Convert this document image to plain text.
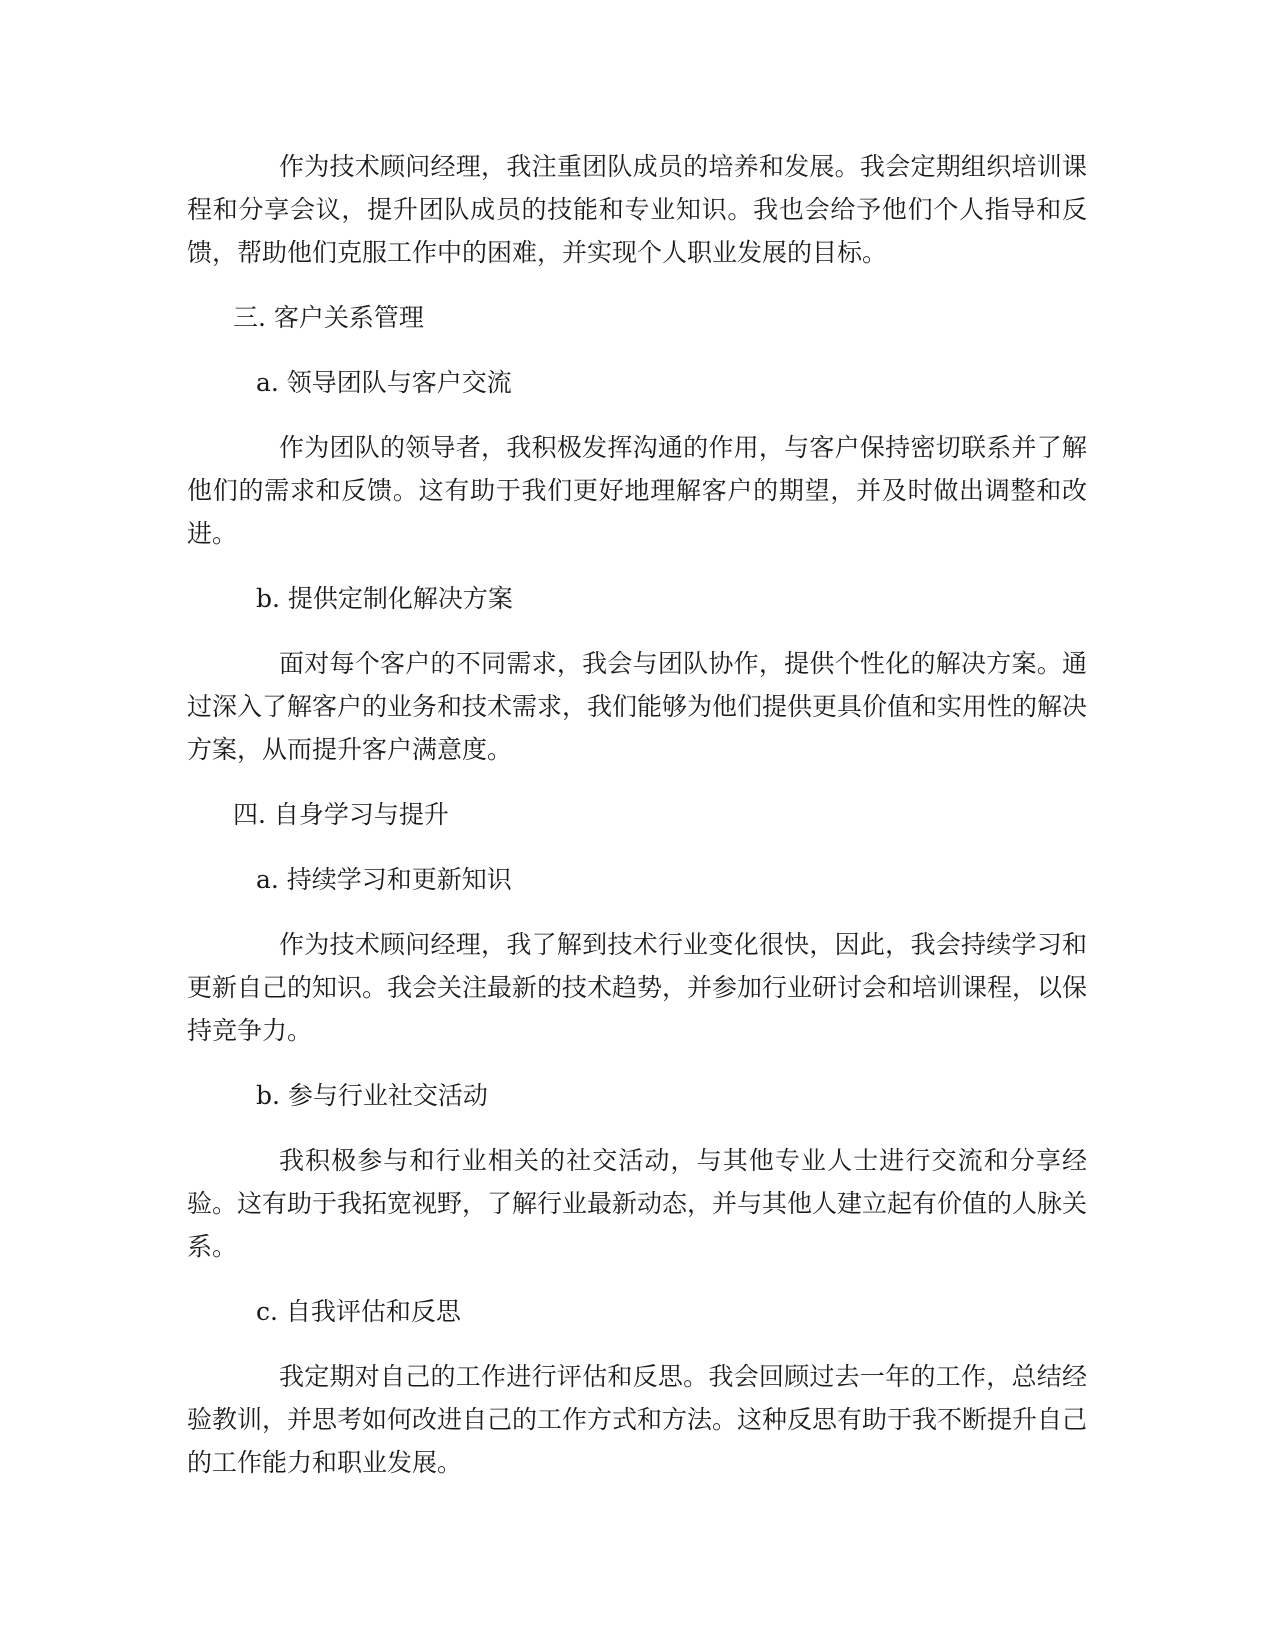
作为技术顾问经理，我注重团队成员的培养和发展。我会定期组织培训课程和分享会议，提升团队成员的技能和专业知识。我也会给予他们个人指导和反馈，帮助他们克服工作中的困难，并实现个人职业发展的目标。

三. 客户关系管理

a. 领导团队与客户交流

作为团队的领导者，我积极发挥沟通的作用，与客户保持密切联系并了解他们的需求和反馈。这有助于我们更好地理解客户的期望，并及时做出调整和改进。

b. 提供定制化解决方案

面对每个客户的不同需求，我会与团队协作，提供个性化的解决方案。通过深入了解客户的业务和技术需求，我们能够为他们提供更具价值和实用性的解决方案，从而提升客户满意度。

四. 自身学习与提升

a. 持续学习和更新知识

作为技术顾问经理，我了解到技术行业变化很快，因此，我会持续学习和更新自己的知识。我会关注最新的技术趋势，并参加行业研讨会和培训课程，以保持竞争力。

b. 参与行业社交活动

我积极参与和行业相关的社交活动，与其他专业人士进行交流和分享经验。这有助于我拓宽视野，了解行业最新动态，并与其他人建立起有价值的人脉关系。

c. 自我评估和反思

我定期对自己的工作进行评估和反思。我会回顾过去一年的工作，总结经验教训，并思考如何改进自己的工作方式和方法。这种反思有助于我不断提升自己的工作能力和职业发展。
